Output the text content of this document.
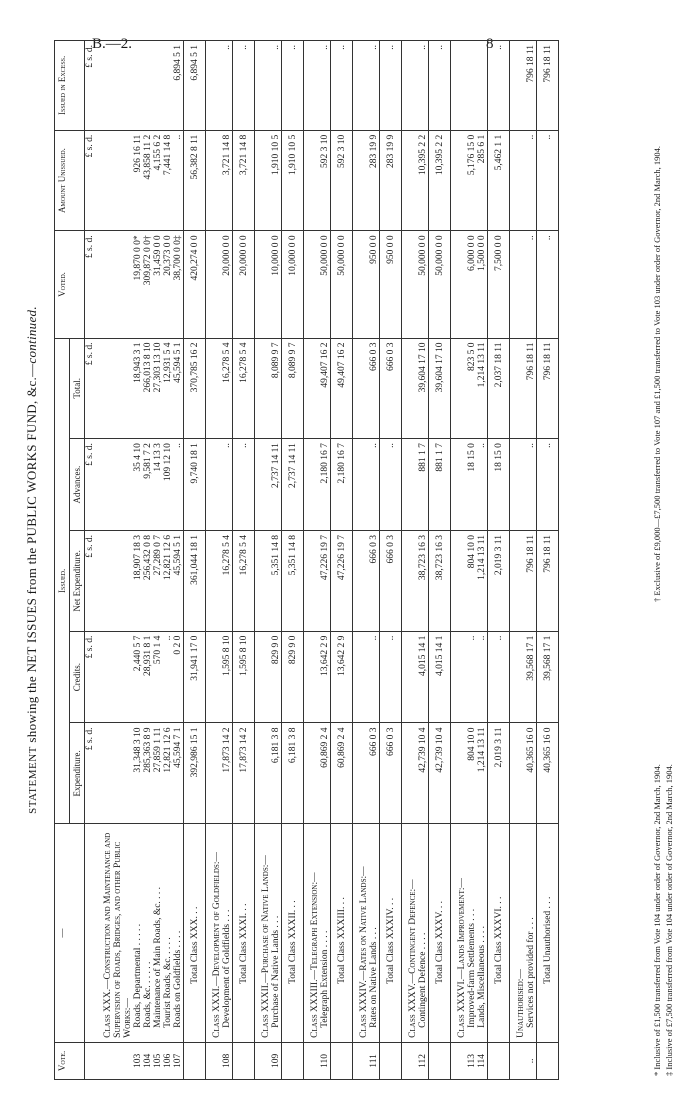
B.—2.	8
STATEMENT showing the NET ISSUES from the PUBLIC WORKS FUND, &c.—continued.
Vote.	—	Issued.					Voted.	Amount Unissued.	Issued in Excess.
		Expenditure.	Credits.	Net Expenditure.	Advances.	Total.			
		£ s. d.	£ s. d.	£ s. d.	£ s. d.	£ s. d.	£ s. d.	£ s. d.	£ s. d.
	Class XXX.—Construction and Maintenance and Supervision of Roads, Bridges, and other Public Works:—								
103	Roads, Departmental . . . . .	31,348 3 10	2,440 5 7	18,907 18 3	35 4 10	18,943 3 1	19,870 0 0*	926 16 11	
104	Roads, &c. . . . . .	285,363 8 9	28,931 8 1	256,432 0 8	9,581 7 2	266,013 8 10	309,872 0 0†	43,858 11 2	
105	Maintenance of Main Roads, &c. . . .	27,859 1 11	570 1 4	27,289 0 7	14 13 3	27,303 13 10	31,459 0 0	4,155 6 2	
106	Tourist Roads, &c. . . . .	12,821 12 6	..	12,821 12 6	109 12 10	12,931 5 4	20,373 0 0	7,441 14 8	
107	Roads on Goldfields . . . .	45,594 7 1	0 2 0	45,594 5 1	..	45,594 5 1	38,700 0 0‡	..	6,894 5 1
	Total Class XXX. . .	392,986 15 1	31,941 17 0	361,044 18 1	9,740 18 1	370,785 16 2	420,274 0 0	56,382 8 11	6,894 5 1
	Class XXXI.—Development of Goldfields:—								
108	Development of Goldfields . . .	17,873 14 2	1,595 8 10	16,278 5 4	..	16,278 5 4	20,000 0 0	3,721 14 8	..
	Total Class XXXI. . .	17,873 14 2	1,595 8 10	16,278 5 4	..	16,278 5 4	20,000 0 0	3,721 14 8	..
	Class XXXII.—Purchase of Native Lands:—								
109	Purchase of Native Lands . . .	6,181 3 8	829 9 0	5,351 14 8	2,737 14 11	8,089 9 7	10,000 0 0	1,910 10 5	..
	Total Class XXXII. . .	6,181 3 8	829 9 0	5,351 14 8	2,737 14 11	8,089 9 7	10,000 0 0	1,910 10 5	..
	Class XXXIII.—Telegraph Extension:—								
110	Telegraph Extension . . . .	60,869 2 4	13,642 2 9	47,226 19 7	2,180 16 7	49,407 16 2	50,000 0 0	592 3 10	..
	Total Class XXXIII. . .	60,869 2 4	13,642 2 9	47,226 19 7	2,180 16 7	49,407 16 2	50,000 0 0	592 3 10	..
	Class XXXIV.—Rates on Native Lands:—								
111	Rates on Native Lands . . .	666 0 3	..	666 0 3	..	666 0 3	950 0 0	283 19 9	..
	Total Class XXXIV. . .	666 0 3	..	666 0 3	..	666 0 3	950 0 0	283 19 9	..
	Class XXXV.—Contingent Defence:—								
112	Contingent Defence . . . .	42,739 10 4	4,015 14 1	38,723 16 3	881 1 7	39,604 17 10	50,000 0 0	10,395 2 2	..
	Total Class XXXV. . .	42,739 10 4	4,015 14 1	38,723 16 3	881 1 7	39,604 17 10	50,000 0 0	10,395 2 2	..
	Class XXXVI.—Lands Improvement:—								
113	Improved-farm Settlements . . .	804 10 0	..	804 10 0	18 15 0	823 5 0	6,000 0 0	5,176 15 0	
114	Lands, Miscellaneous . . . .	1,214 13 11	..	1,214 13 11	..	1,214 13 11	1,500 0 0	285 6 1	
	Total Class XXXVI. . .	2,019 3 11	..	2,019 3 11	18 15 0	2,037 18 11	7,500 0 0	5,462 1 1	..
	Unauthorised:—								
..	Services not provided for . . .	40,365 16 0	39,568 17 1	796 18 11	..	796 18 11	..	..	796 18 11
	Total Unauthorised . . .	40,365 16 0	39,568 17 1	796 18 11	..	796 18 11	..	..	796 18 11
* Inclusive of £1,500 transferred from Vote 104 under order of Governor, 2nd March, 1904. ‡ Inclusive of £7,500 transferred from Vote 104 under order of Governor, 2nd March, 1904.
† Exclusive of £9,000—£7,500 transferred to Vote 107 and £1,500 transferred to Vote 103 under order of Governor, 2nd March, 1904.
